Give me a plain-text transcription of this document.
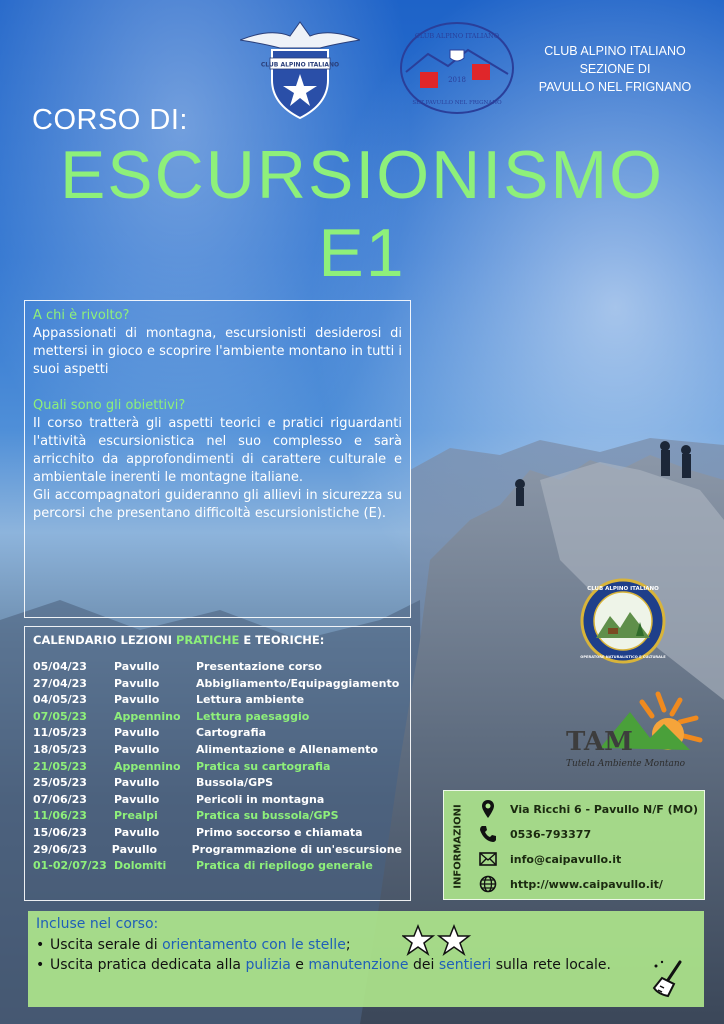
CLUB ALPINO ITALIANO
CLUB ALPINO ITALIANO
2018
SEZ.PAVULLO NEL FRIGNANO
CLUB ALPINO ITALIANO
SEZIONE DI
PAVULLO NEL FRIGNANO
CORSO DI:
ESCURSIONISMO
E1
A chi è rivolto?
Appassionati di montagna, escursionisti desiderosi di mettersi in gioco e scoprire l'ambiente montano in tutti i suoi aspetti
Quali sono gli obiettivi?
Il corso tratterà gli aspetti teorici e pratici riguardanti l'attività escursionistica nel suo complesso e sarà arricchito da approfondimenti di carattere culturale e ambientale inerenti le montagne italiane.
Gli accompagnatori guideranno gli allievi in sicurezza su percorsi che presentano difficoltà escursionistiche (E).
CALENDARIO LEZIONI PRATICHE E TEORICHE:
05/04/23	Pavullo	Presentazione corso
27/04/23	Pavullo	Abbigliamento/Equipaggiamento
04/05/23	Pavullo	Lettura ambiente
07/05/23	Appennino	Lettura paesaggio
11/05/23	Pavullo	Cartografia
18/05/23	Pavullo	Alimentazione e Allenamento
21/05/23	Appennino	Pratica su cartografia
25/05/23	Pavullo	Bussola/GPS
07/06/23	Pavullo	Pericoli in montagna
11/06/23	Prealpi	Pratica su bussola/GPS
15/06/23	Pavullo	Primo soccorso e chiamata
29/06/23	Pavullo	Programmazione di un'escursione
01-02/07/23 Dolomiti	Pratica di riepilogo generale
CLUB ALPINO ITALIANO
OPERATORE NATURALISTICO E CULTURALE
TAM
Tutela Ambiente Montano
INFORMAZIONI	Via Ricchi 6 - Pavullo N/F (MO)
0536-793377
info@caipavullo.it
http://www.caipavullo.it/
Incluse nel corso:
• Uscita serale di orientamento con le stelle;
• Uscita pratica dedicata alla pulizia e manutenzione dei sentieri sulla rete locale.
